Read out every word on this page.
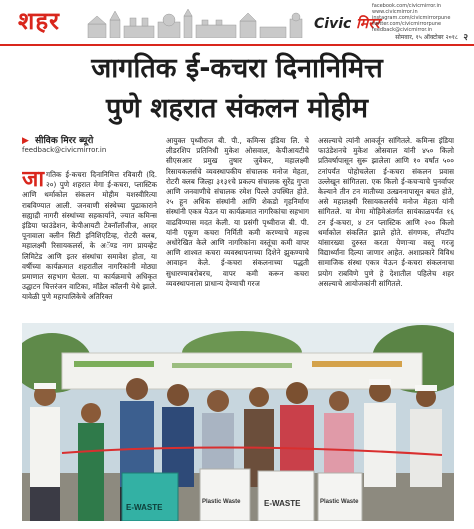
शहर	Civic मिरर
facebook.com/civicmirror.in
www.civicmirror.in
instagram.com/civicmirrorpune
twitter.com/civicmirrorpune
feedback@civicmirror.in
सोमवार, १५ ऑक्टोबर २०१८ २
जागतिक ई-कचरा दिनानिमित्त
पुणे शहरात संकलन मोहीम
▶ सीविक मिरर ब्यूरो
feedback@civicmirror.in

जागतिक ई-कचरा दिनानिमित्त रविवारी (दि. २०) पुणे शहरात मेगा ई-कचरा, प्लास्टिक आणि थर्माकोल संकलन मोहीम यशस्वीरित्या राबविण्यात आली. जनवाणी संस्थेच्या पुढाकाराने सह्याद्री नागरी संस्थांच्या सहकार्याने, ज्यात कमिन्स इंडिया फाउंडेशन, केपीआयटी टेक्नॉलॉजीज, आदर पूनावाला क्लीन सिटी इनिशिएटिव्ह, रोटरी क्लब, महालक्ष्मी रिसायकलर्स, के अॅण्ड नाग प्रायव्हेट लिमिटेड आणि इतर संस्थांचा समावेश होता, या वर्षीच्या कार्यक्रमात शहरातील नागरिकांनी मोठ्या प्रमाणात सहभाग घेतला. या कार्यक्रमाचे अधिकृत उद्घाटन चित्तरंजन वाटिका, मॉडेल कॉलनी येथे झाले. यावेळी पुणे महापालिकेचे अतिरिक्त

आयुक्त पृथ्वीराज बी. पी., कमिन्स इंडिया लि. चे लीडरशिप प्रतिनिधी मुकेश ओसवाल, केपीआयटीचे सीएसआर प्रमुख तुषार जुवेकर, महालक्ष्मी रिसायकलर्सचे व्यवस्थापकीय संचालक मनोज मेहता, रोटरी क्लब जिल्हा ३१३१चे प्रकल्प संचालक सुरेंद्र गुप्ता आणि जनवाणीचे संचालक रमेश पिल्ले उपस्थित होते. २५ हून अधिक संस्थांनी आणि शेकडो गृहनिर्माण संस्थांनी एकत्र येऊन या कार्यक्रमात नागरिकांचा सहभाग वाढविण्यास मदत केली. या प्रसंगी पृथ्वीराज बी. पी. यांनी एकूण कचरा निर्मिती कमी करण्याचे महत्त्व अधोरेखित केले आणि नागरिकांना वस्तूंचा कमी वापर आणि शाश्वत कचरा व्यवस्थापनाच्या दिशेने झुकण्याचे आवाहन केले. ई-कचरा संकलनाच्या पद्धती सुधारण्याबरोबरच, वापर कमी करून कचरा व्यवस्थापनाला प्राधान्य देण्याची गरज

असल्याचे त्यांनी आवर्जून सांगितले. कमिन्स इंडिया फाउंडेशनचे मुकेश ओसवाल यांनी ४५० किलो प्रतिवर्षापासून सुरू झालेला आणि १० वर्षांत ५०० टनांपर्यंत पोहोचलेला ई-कचरा संकलन प्रवास उल्लेखून सांगितला. एक किलो ई-कचऱ्याचे पुनर्वापर केल्याने तीन टन मातीच्या उत्खननापासून बचत होते, असे महालक्ष्मी रिसायकलर्सचे मनोज मेहता यांनी सांगितले. या मेगा मोहिमेअंतर्गत सायंकाळपर्यंत १६ टन ई-कचरा, ४ टन प्लास्टिक आणि २०० किलो थर्माकोल संकलित झाले होते. संगणक, लॅपटॉप यांसारख्या दुरुस्त करता येणाऱ्या वस्तू गरजू विद्यार्थ्यांना दिल्या जाणार आहेत. अशाप्रकारे विविध सामाजिक संस्था एकत्र येऊन ई-कचरा संकलनाचा प्रयोग राबविणे पुणे हे देशातील पहिलेच शहर असल्याचे आयोजकांनी सांगितले.

E-WASTE
Plastic Waste	E-WASTE	Plastic Waste
